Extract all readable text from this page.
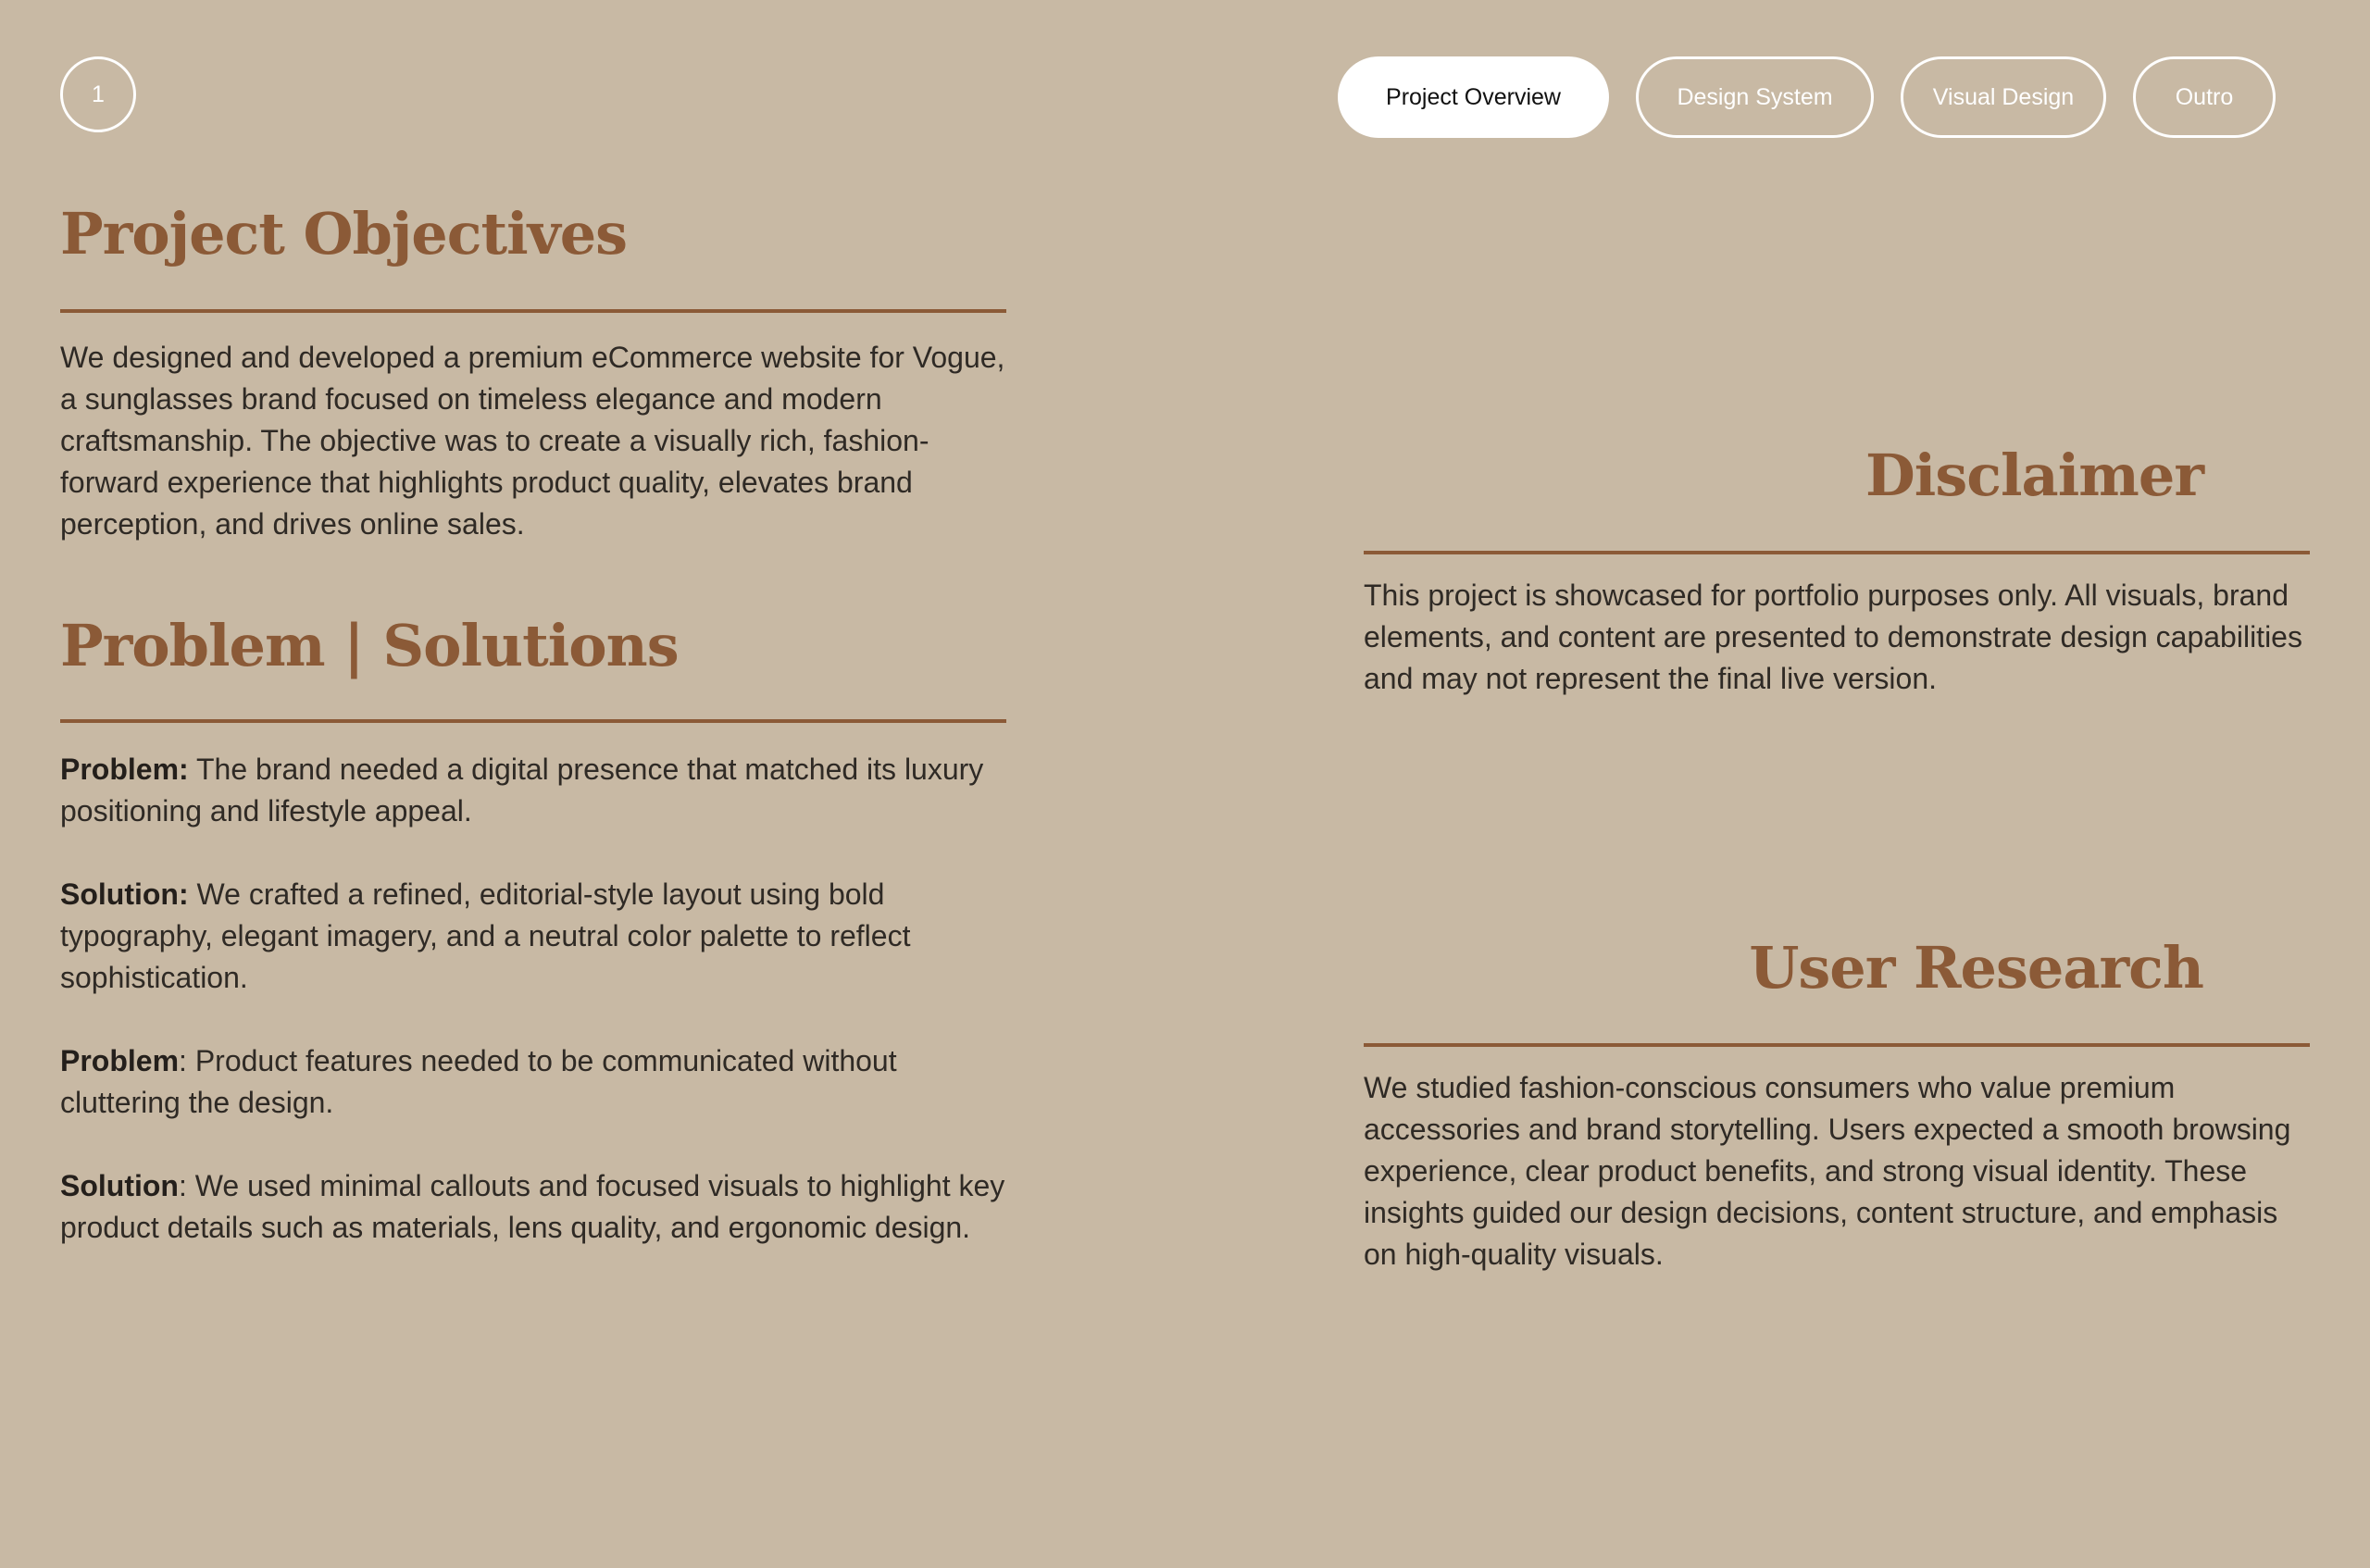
1	Project Overview	Design System	Visual Design	Outro
Project Objectives

We designed and developed a premium eCommerce website for Vogue, a sunglasses brand focused on timeless elegance and modern craftsmanship. The objective was to create a visually rich, fashion-forward experience that highlights product quality, elevates brand perception, and drives online sales.

Problem | Solutions

Problem: The brand needed a digital presence that matched its luxury positioning and lifestyle appeal.

Solution: We crafted a refined, editorial-style layout using bold typography, elegant imagery, and a neutral color palette to reflect sophistication.

Problem: Product features needed to be communicated without cluttering the design.

Solution: We used minimal callouts and focused visuals to highlight key product details such as materials, lens quality, and ergonomic design.

Disclaimer

This project is showcased for portfolio purposes only. All visuals, brand elements, and content are presented to demonstrate design capabilities and may not represent the final live version.

User Research

We studied fashion-conscious consumers who value premium accessories and brand storytelling. Users expected a smooth browsing experience, clear product benefits, and strong visual identity. These insights guided our design decisions, content structure, and emphasis on high-quality visuals.
